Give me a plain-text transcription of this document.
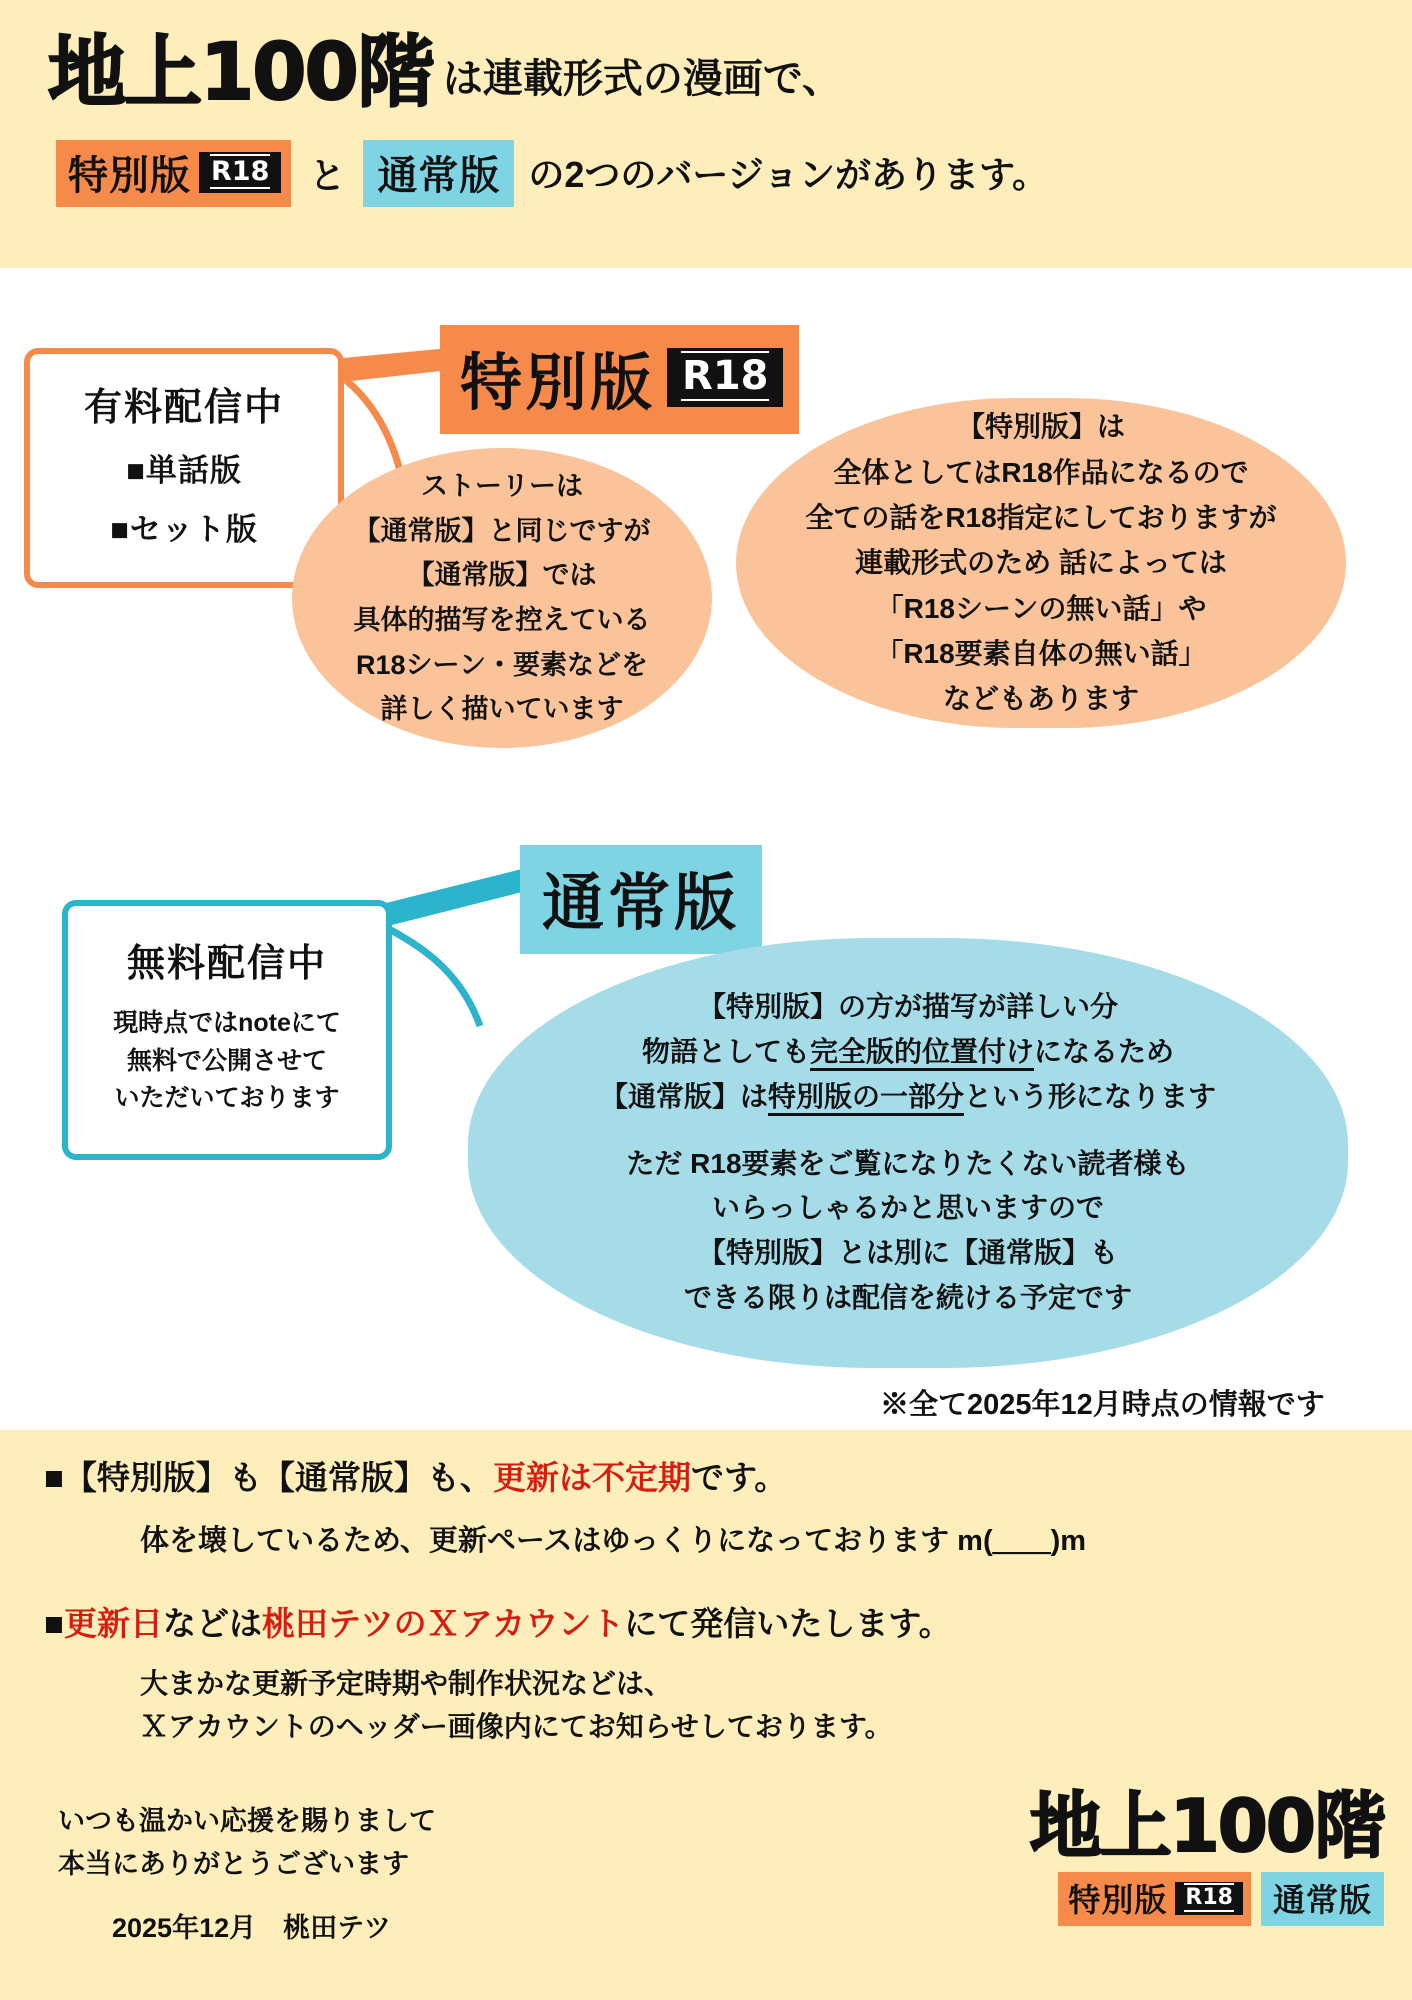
地上100階 は連載形式の漫画で、
特別版 R18	と 通常版 の2つのバージョンがあります。
特別版 R18
有料配信中
■単話版
■セット版
ストーリーは
【通常版】と同じですが
【通常版】では
具体的描写を控えている
R18シーン・要素などを
詳しく描いています
【特別版】は
全体としてはR18作品になるので
全ての話をR18指定にしておりますが
連載形式のため 話によっては
「R18シーンの無い話」や
「R18要素自体の無い話」
などもあります
通常版
無料配信中
現時点ではnoteにて
無料で公開させて
いただいております
【特別版】の方が描写が詳しい分
物語としても完全版的位置付けになるため
【通常版】は特別版の一部分という形になります
ただ R18要素をご覧になりたくない読者様も
いらっしゃるかと思いますので
【特別版】とは別に【通常版】も
できる限りは配信を続ける予定です
※全て2025年12月時点の情報です
■【特別版】も【通常版】も、更新は不定期です。
体を壊しているため、更新ペースはゆっくりになっております m(＿＿)m
■更新日などは桃田テツのＸアカウントにて発信いたします。
大まかな更新予定時期や制作状況などは、
Ｘアカウントのヘッダー画像内にてお知らせしております。
いつも温かい応援を賜りまして
本当にありがとうございます
2025年12月　桃田テツ
地上100階
特別版 R18	通常版
